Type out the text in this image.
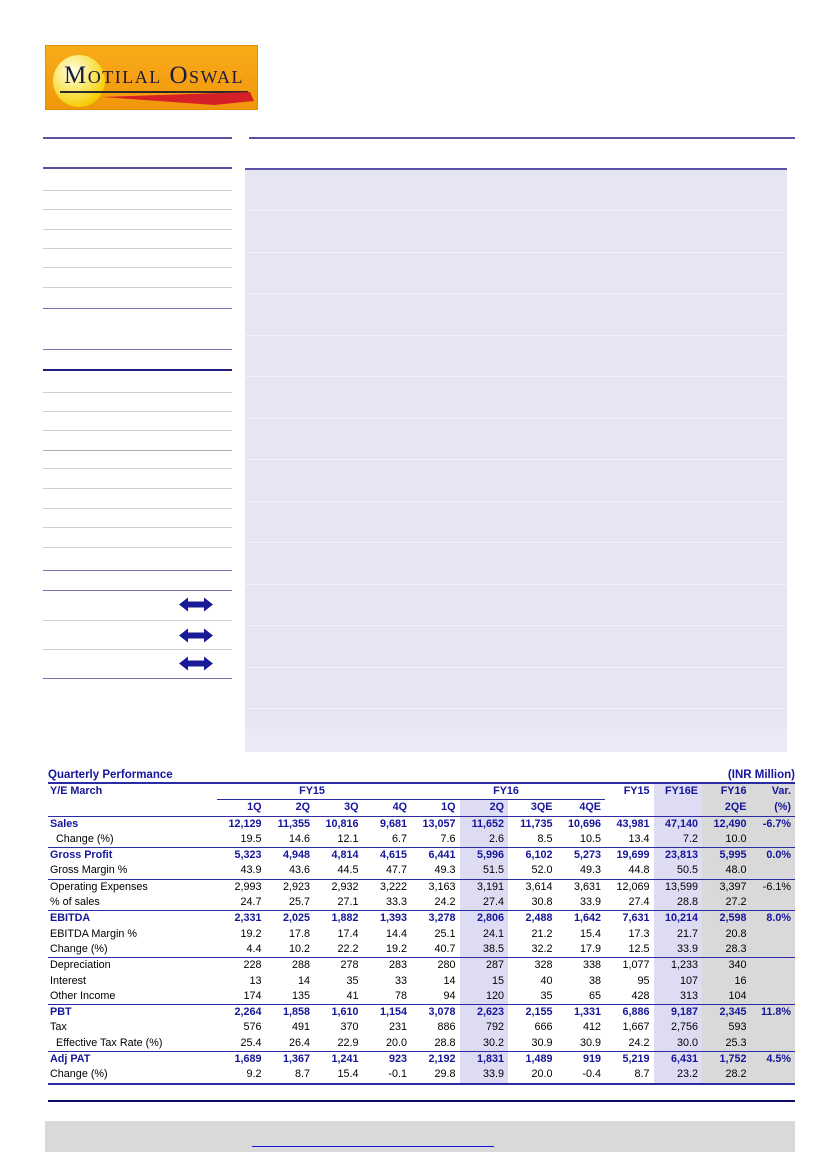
Motilal Oswal
Quarterly Performance	(INR Million)
Y/E March	FY15				FY16				FY15	FY16E	FY16	Var.
	1Q	2Q	3Q	4Q	1Q	2Q	3QE	4QE			2QE	(%)
Sales	12,129	11,355	10,816	9,681	13,057	11,652	11,735	10,696	43,981	47,140	12,490	-6.7%
Change (%)	19.5	14.6	12.1	6.7	7.6	2.6	8.5	10.5	13.4	7.2	10.0	
Gross Profit	5,323	4,948	4,814	4,615	6,441	5,996	6,102	5,273	19,699	23,813	5,995	0.0%
Gross Margin %	43.9	43.6	44.5	47.7	49.3	51.5	52.0	49.3	44.8	50.5	48.0	
Operating Expenses	2,993	2,923	2,932	3,222	3,163	3,191	3,614	3,631	12,069	13,599	3,397	-6.1%
% of sales	24.7	25.7	27.1	33.3	24.2	27.4	30.8	33.9	27.4	28.8	27.2	
EBITDA	2,331	2,025	1,882	1,393	3,278	2,806	2,488	1,642	7,631	10,214	2,598	8.0%
EBITDA Margin %	19.2	17.8	17.4	14.4	25.1	24.1	21.2	15.4	17.3	21.7	20.8	
Change (%)	4.4	10.2	22.2	19.2	40.7	38.5	32.2	17.9	12.5	33.9	28.3	
Depreciation	228	288	278	283	280	287	328	338	1,077	1,233	340	
Interest	13	14	35	33	14	15	40	38	95	107	16	
Other Income	174	135	41	78	94	120	35	65	428	313	104	
PBT	2,264	1,858	1,610	1,154	3,078	2,623	2,155	1,331	6,886	9,187	2,345	11.8%
Tax	576	491	370	231	886	792	666	412	1,667	2,756	593	
Effective Tax Rate (%)	25.4	26.4	22.9	20.0	28.8	30.2	30.9	30.9	24.2	30.0	25.3	
Adj PAT	1,689	1,367	1,241	923	2,192	1,831	1,489	919	5,219	6,431	1,752	4.5%
Change (%)	9.2	8.7	15.4	-0.1	29.8	33.9	20.0	-0.4	8.7	23.2	28.2	
